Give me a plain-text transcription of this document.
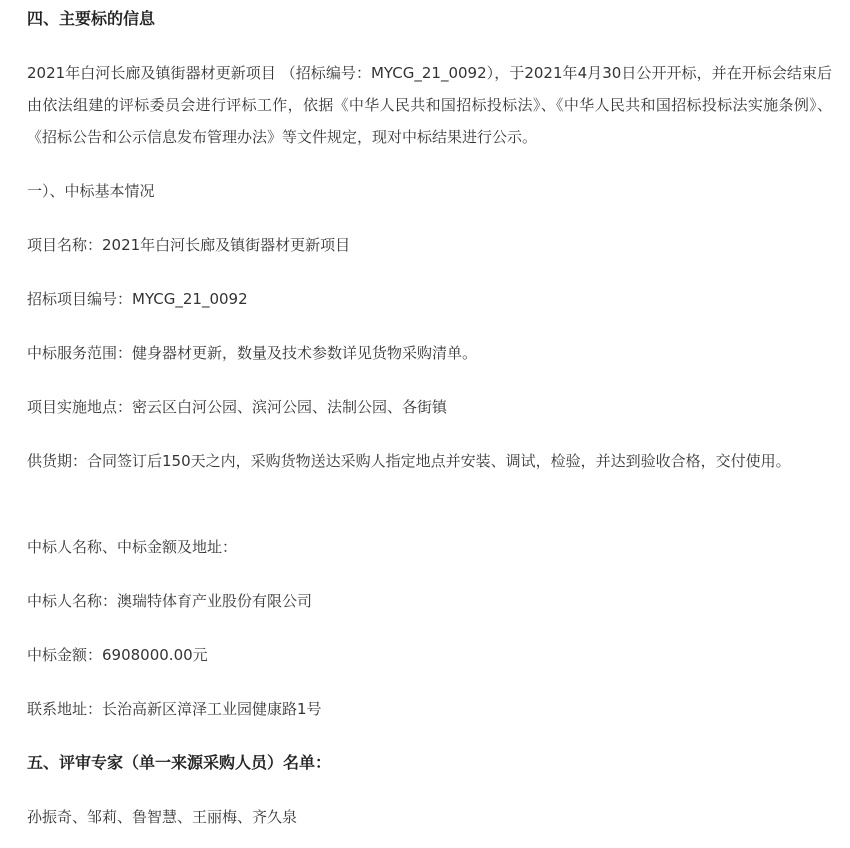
四、主要标的信息
2021年白河长廊及镇街器材更新项目 （招标编号：MYCG_21_0092），于2021年4月30日公开开标，并在开标会结束后由依法组建的评标委员会进行评标工作，依据《中华人民共和国招标投标法》、《中华人民共和国招标投标法实施条例》、《招标公告和公示信息发布管理办法》等文件规定，现对中标结果进行公示。
一）、中标基本情况
项目名称：2021年白河长廊及镇街器材更新项目
招标项目编号：MYCG_21_0092
中标服务范围：健身器材更新，数量及技术参数详见货物采购清单。
项目实施地点：密云区白河公园、滨河公园、法制公园、各街镇
供货期：合同签订后150天之内，采购货物送达采购人指定地点并安装、调试，检验，并达到验收合格，交付使用。
中标人名称、中标金额及地址：
中标人名称：澳瑞特体育产业股份有限公司
中标金额：6908000.00元
联系地址：长治高新区漳泽工业园健康路1号
五、评审专家（单一来源采购人员）名单：
孙振奇、邹莉、鲁智慧、王丽梅、齐久泉
